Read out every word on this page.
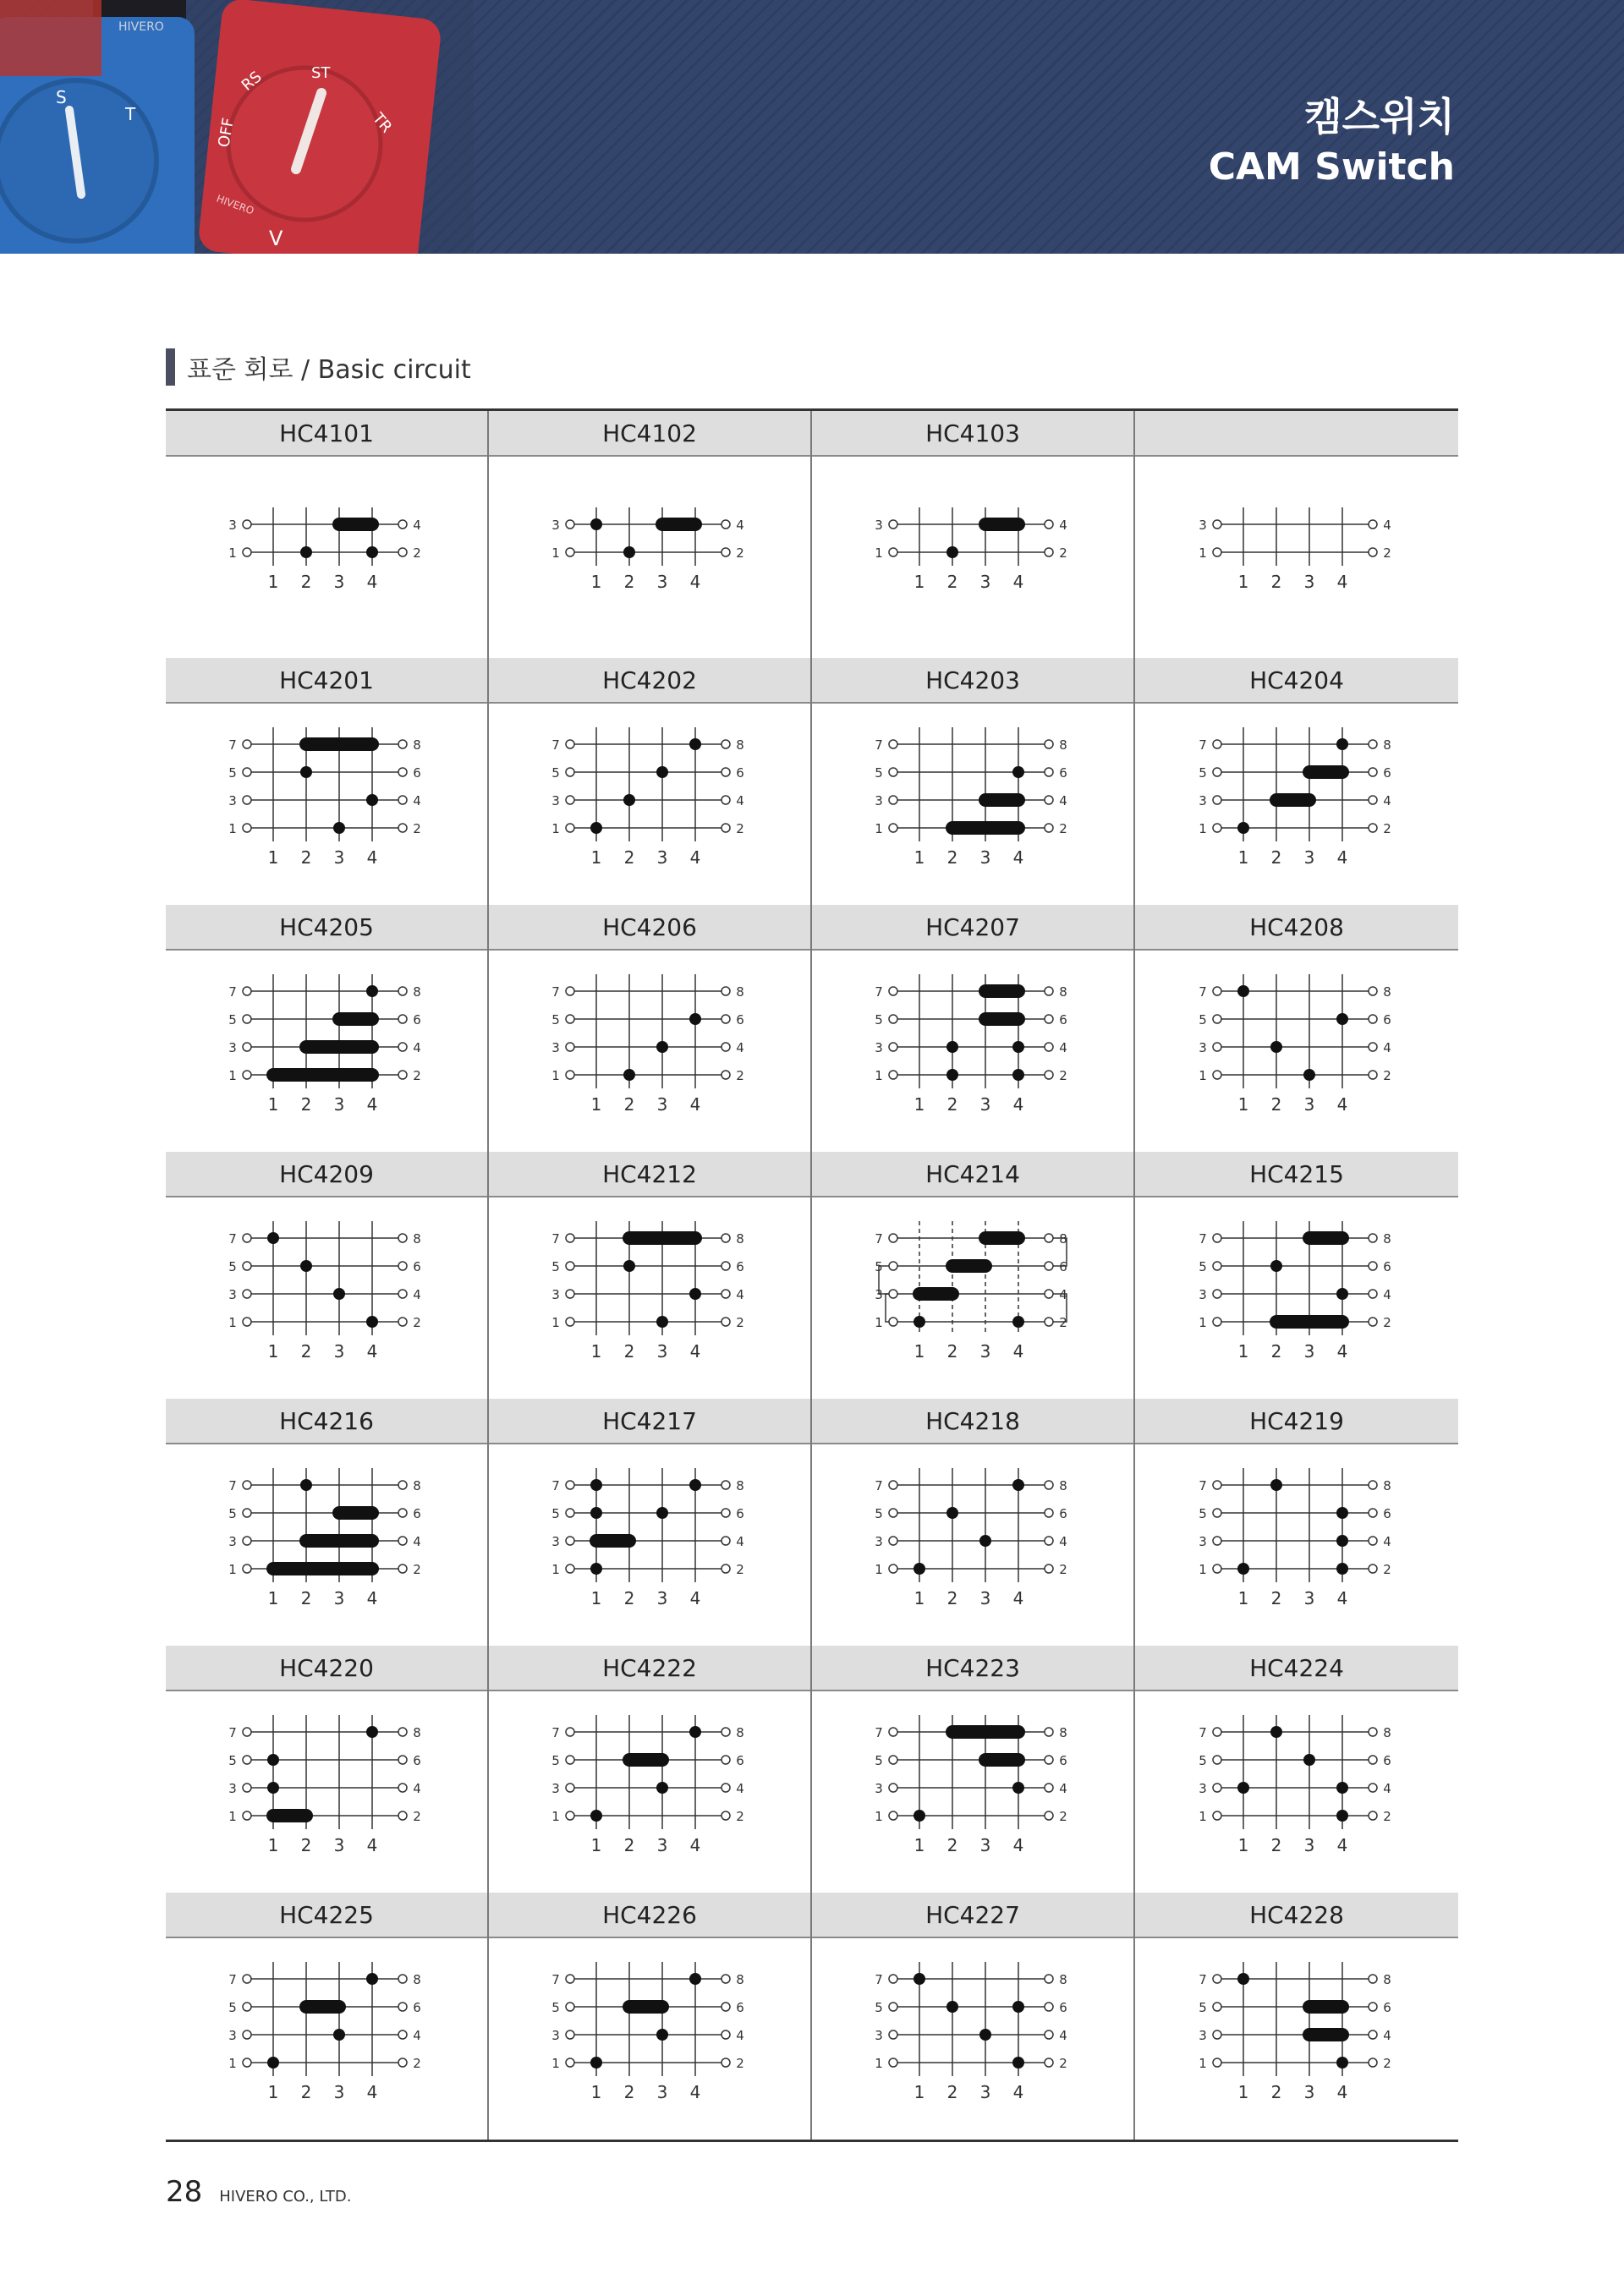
HIVERO
S
T
OFF
RS	ST
TR
HIVERO
V
캠스위치
CAM Switch
표준 회로 / Basic circuit
HC4101
1	2
3	4
1 2 3 4
HC4102
1	2
3	4
1 2 3 4
HC4103
1	2
3	4
1 2 3 4
1	2
3	4
1 2 3 4
HC4201
1	2
3	4
5	6
7	8
1 2 3 4
HC4202
1	2
3	4
5	6
7	8
1 2 3 4
HC4203
1	2
3	4
5	6
7	8
1 2 3 4
HC4204
1	2
3	4
5	6
7	8
1 2 3 4
HC4205
1	2
3	4
5	6
7	8
1 2 3 4
HC4206
1	2
3	4
5	6
7	8
1 2 3 4
HC4207
1	2
3	4
5	6
7	8
1 2 3 4
HC4208
1	2
3	4
5	6
7	8
1 2 3 4
HC4209
1	2
3	4
5	6
7	8
1 2 3 4
HC4212
1	2
3	4
5	6
7	8
1 2 3 4
HC4214
1	2
3	4
5	6
7	8
1 2 3 4
HC4215
1	2
3	4
5	6
7	8
1 2 3 4
HC4216
1	2
3	4
5	6
7	8
1 2 3 4
HC4217
1	2
3	4
5	6
7	8
1 2 3 4
HC4218
1	2
3	4
5	6
7	8
1 2 3 4
HC4219
1	2
3	4
5	6
7	8
1 2 3 4
HC4220
1	2
3	4
5	6
7	8
1 2 3 4
HC4222
1	2
3	4
5	6
7	8
1 2 3 4
HC4223
1	2
3	4
5	6
7	8
1 2 3 4
HC4224
1	2
3	4
5	6
7	8
1 2 3 4
HC4225
1	2
3	4
5	6
7	8
1 2 3 4
HC4226
1	2
3	4
5	6
7	8
1 2 3 4
HC4227
1	2
3	4
5	6
7	8
1 2 3 4
HC4228
1	2
3	4
5	6
7	8
1 2 3 4
28 HIVERO CO., LTD.
